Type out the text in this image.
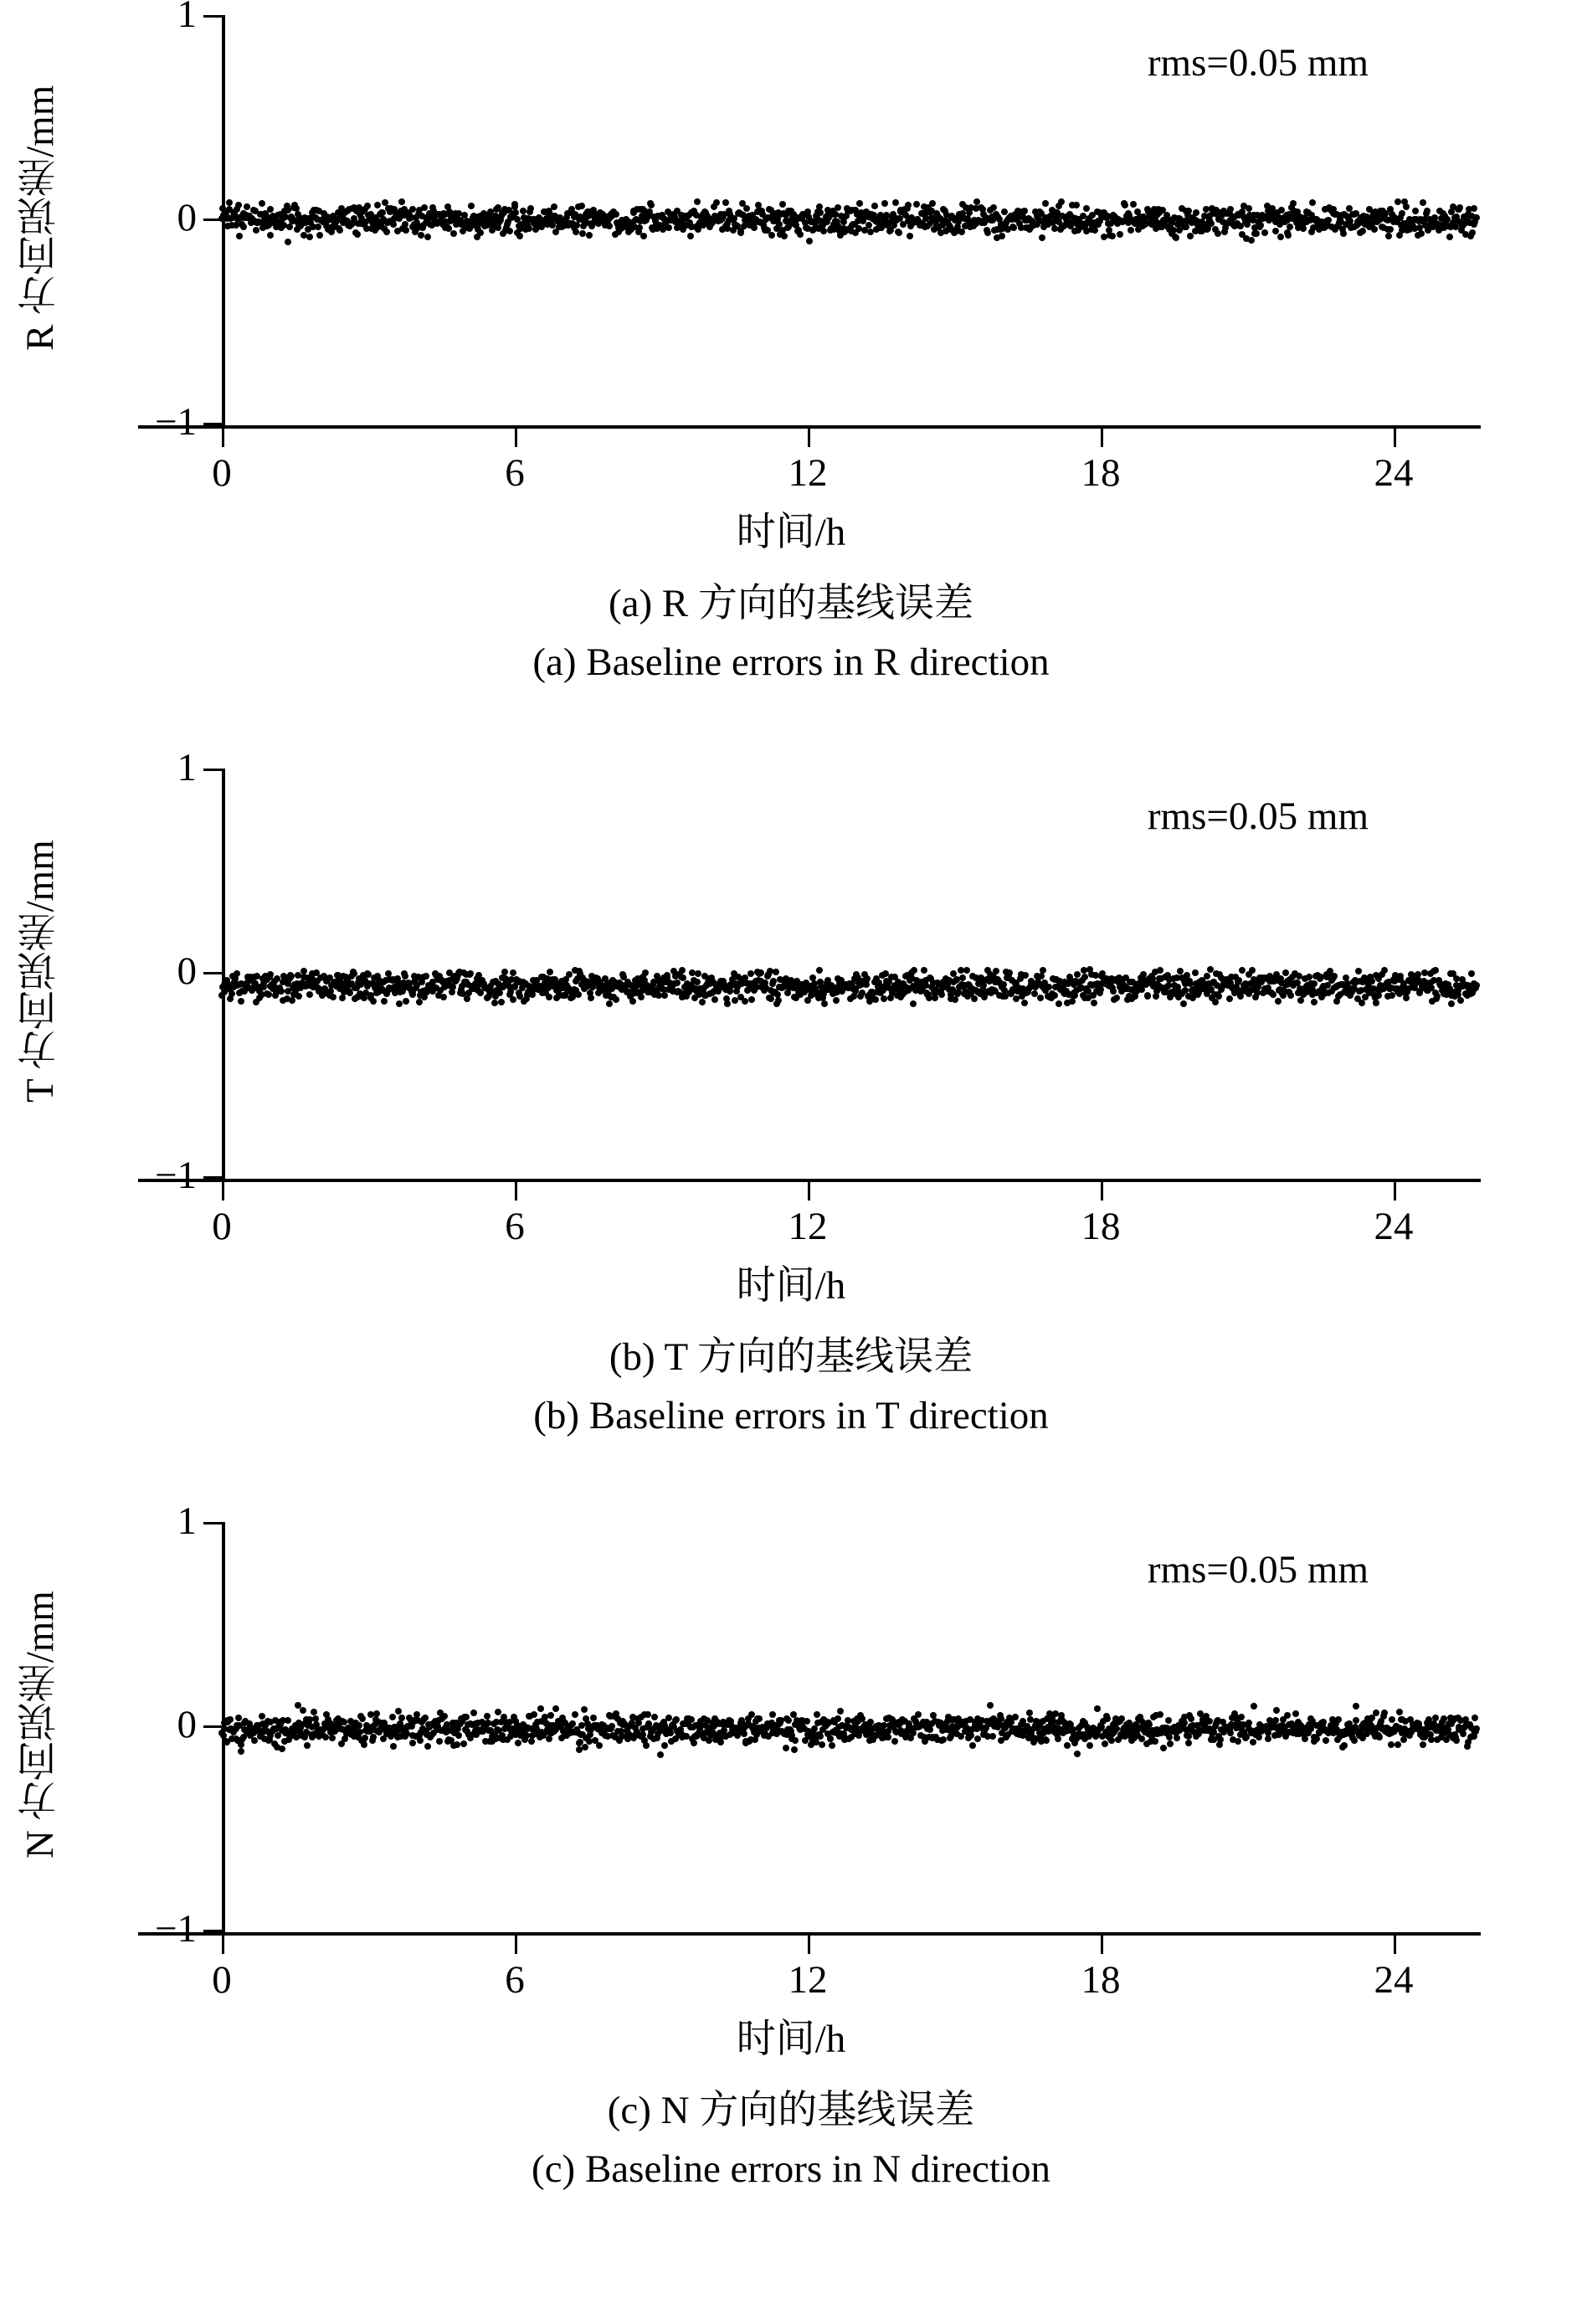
R 方向误差/mm
1
0
−1
0	6	12	18	24
rms=0.05 mm
时间/h
(a) R 方向的基线误差
(a) Baseline errors in R direction
T 方向误差/mm
1
0
−1
0	6	12	18	24
rms=0.05 mm
时间/h
(b) T 方向的基线误差
(b) Baseline errors in T direction
N 方向误差/mm
1
0
−1
0	6	12	18	24
rms=0.05 mm
时间/h
(c) N 方向的基线误差
(c) Baseline errors in N direction
